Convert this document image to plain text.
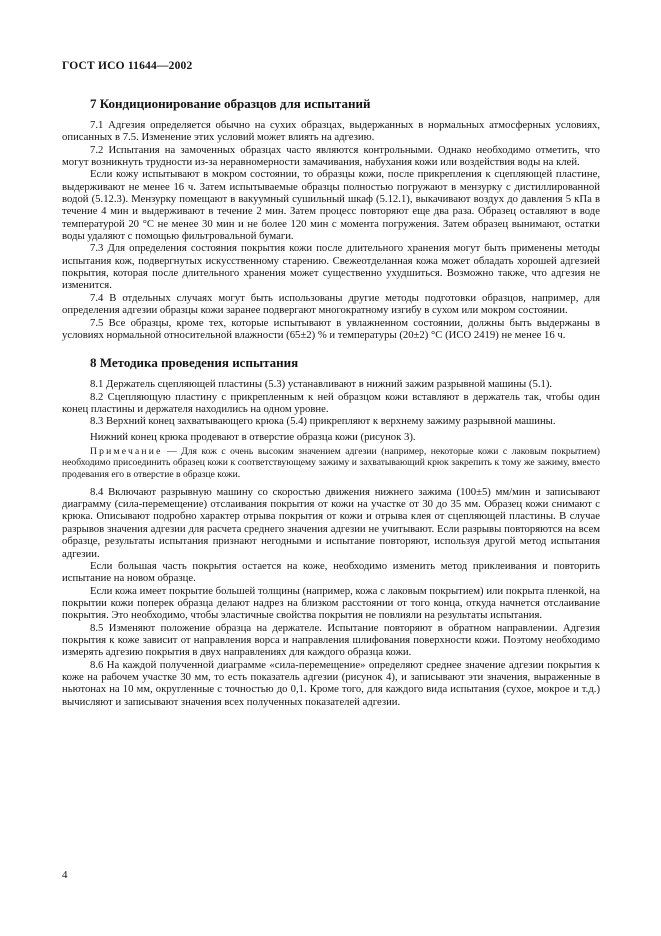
ГОСТ ИСО 11644—2002
7 Кондиционирование образцов для испытаний

7.1 Адгезия определяется обычно на сухих образцах, выдержанных в нормальных атмосферных условиях, описанных в 7.5. Изменение этих условий может влиять на адгезию.

7.2 Испытания на замоченных образцах часто являются контрольными. Однако необходимо отметить, что могут возникнуть трудности из-за неравномерности замачивания, набухания кожи или воздействия воды на клей.

Если кожу испытывают в мокром состоянии, то образцы кожи, после прикрепления к сцепляющей пластине, выдерживают не менее 16 ч. Затем испытываемые образцы полностью погружают в мензурку с дистиллированной водой (5.12.3). Мензурку помещают в вакуумный сушильный шкаф (5.12.1), выкачивают воздух до давления 5 кПа в течение 4 мин и выдерживают в течение 2 мин. Затем процесс повторяют еще два раза. Образец оставляют в воде температурой 20 °С не менее 30 мин и не более 120 мин с момента погружения. Затем образец вынимают, остатки воды удаляют с помощью фильтровальной бумаги.

7.3 Для определения состояния покрытия кожи после длительного хранения могут быть применены методы испытания кож, подвергнутых искусственному старению. Свежеотделанная кожа может обладать хорошей адгезией покрытия, которая после длительного хранения может существенно ухудшиться. Возможно также, что адгезия не изменится.

7.4 В отдельных случаях могут быть использованы другие методы подготовки образцов, например, для определения адгезии образцы кожи заранее подвергают многократному изгибу в сухом или мокром состоянии.

7.5 Все образцы, кроме тех, которые испытывают в увлажненном состоянии, должны быть выдержаны в условиях нормальной относительной влажности (65±2) % и температуры (20±2) °С (ИСО 2419) не менее 16 ч.

8 Методика проведения испытания

8.1 Держатель сцепляющей пластины (5.3) устанавливают в нижний зажим разрывной машины (5.1).

8.2 Сцепляющую пластину с прикрепленным к ней образцом кожи вставляют в держатель так, чтобы один конец пластины и держателя находились на одном уровне.

8.3 Верхний конец захватывающего крюка (5.4) прикрепляют к верхнему зажиму разрывной машины.

Нижний конец крюка продевают в отверстие образца кожи (рисунок 3).

Примечание — Для кож с очень высоким значением адгезии (например, некоторые кожи с лаковым покрытием) необходимо присоединить образец кожи к соответствующему зажиму и захватывающий крюк закрепить к тому же зажиму, вместо продевания его в отверстие в образце кожи.

8.4 Включают разрывную машину со скоростью движения нижнего зажима (100±5) мм/мин и записывают диаграмму (сила-перемещение) отслаивания покрытия от кожи на участке от 30 до 35 мм. Образец кожи снимают с крюка. Описывают подробно характер отрыва покрытия от кожи и отрыва клея от сцепляющей пластины. В случае разрывов значения адгезии для расчета среднего значения адгезии не учитывают. Если разрывы повторяются на всем образце, результаты испытания признают негодными и испытание повторяют, используя другой метод испытания адгезии.

Если большая часть покрытия остается на коже, необходимо изменить метод приклеивания и повторить испытание на новом образце.

Если кожа имеет покрытие большей толщины (например, кожа с лаковым покрытием) или покрыта пленкой, на покрытии кожи поперек образца делают надрез на близком расстоянии от того конца, откуда начнется отслаивание покрытия. Это необходимо, чтобы эластичные свойства покрытия не повлияли на результаты испытания.

8.5 Изменяют положение образца на держателе. Испытание повторяют в обратном направлении. Адгезия покрытия к коже зависит от направления ворса и направления шлифования поверхности кожи. Поэтому необходимо измерять адгезию покрытия в двух направлениях для каждого образца кожи.

8.6 На каждой полученной диаграмме «сила-перемещение» определяют среднее значение адгезии покрытия к коже на рабочем участке 30 мм, то есть показатель адгезии (рисунок 4), и записывают эти значения, выраженные в ньютонах на 10 мм, округленные с точностью до 0,1. Кроме того, для каждого вида испытания (сухое, мокрое и т.д.) вычисляют и записывают значения всех полученных показателей адгезии.

4
